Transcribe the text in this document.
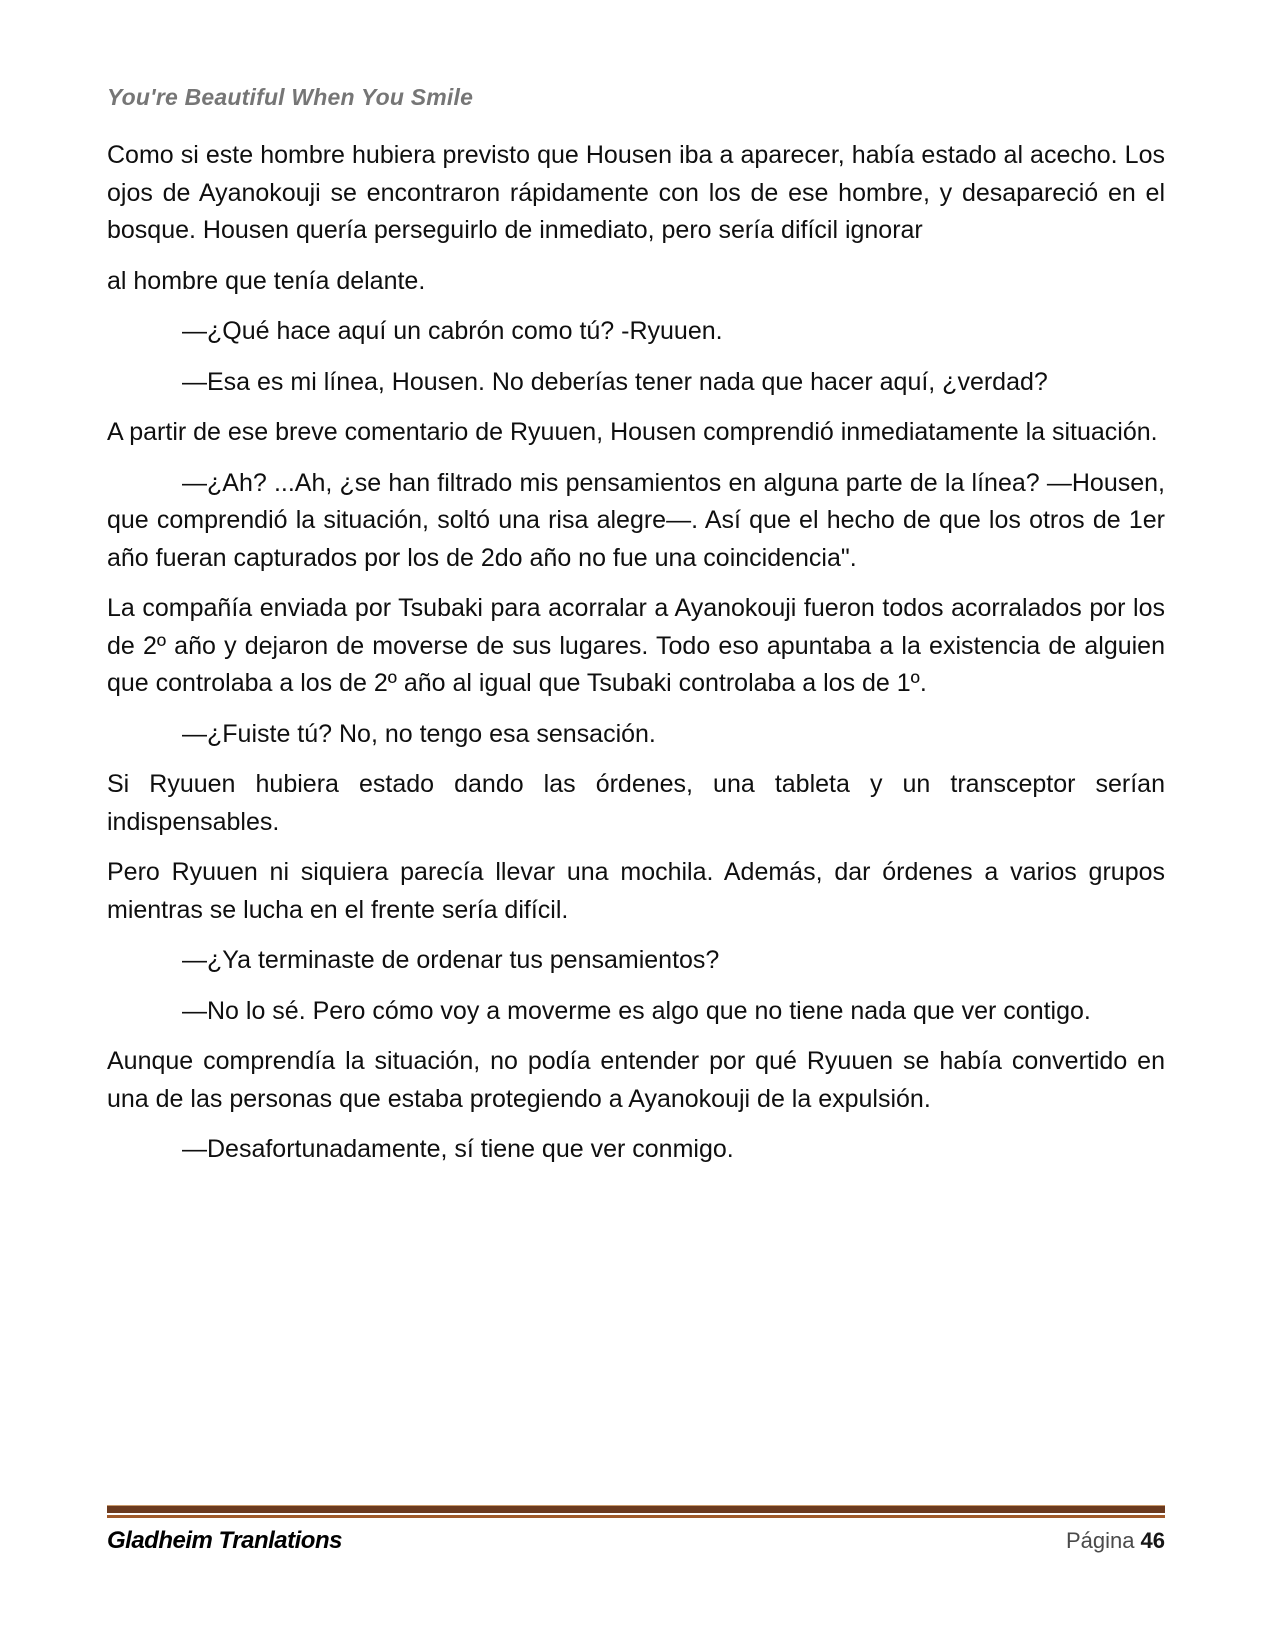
You're Beautiful When You Smile

Como si este hombre hubiera previsto que Housen iba a aparecer, había estado al acecho. Los ojos de Ayanokouji se encontraron rápidamente con los de ese hombre, y desapareció en el bosque. Housen quería perseguirlo de inmediato, pero sería difícil ignorar

al hombre que tenía delante.

—¿Qué hace aquí un cabrón como tú? -Ryuuen.

—Esa es mi línea, Housen. No deberías tener nada que hacer aquí, ¿verdad?

A partir de ese breve comentario de Ryuuen, Housen comprendió inmediatamente la situación.

—¿Ah? ...Ah, ¿se han filtrado mis pensamientos en alguna parte de la línea? —Housen, que comprendió la situación, soltó una risa alegre—. Así que el hecho de que los otros de 1er año fueran capturados por los de 2do año no fue una coincidencia".

La compañía enviada por Tsubaki para acorralar a Ayanokouji fueron todos acorralados por los de 2º año y dejaron de moverse de sus lugares. Todo eso apuntaba a la existencia de alguien que controlaba a los de 2º año al igual que Tsubaki controlaba a los de 1º.

—¿Fuiste tú? No, no tengo esa sensación.

Si Ryuuen hubiera estado dando las órdenes, una tableta y un transceptor serían indispensables.

Pero Ryuuen ni siquiera parecía llevar una mochila. Además, dar órdenes a varios grupos mientras se lucha en el frente sería difícil.

—¿Ya terminaste de ordenar tus pensamientos?

—No lo sé. Pero cómo voy a moverme es algo que no tiene nada que ver contigo.

Aunque comprendía la situación, no podía entender por qué Ryuuen se había convertido en una de las personas que estaba protegiendo a Ayanokouji de la expulsión.

—Desafortunadamente, sí tiene que ver conmigo.

Gladheim Tranlations	Página 46
